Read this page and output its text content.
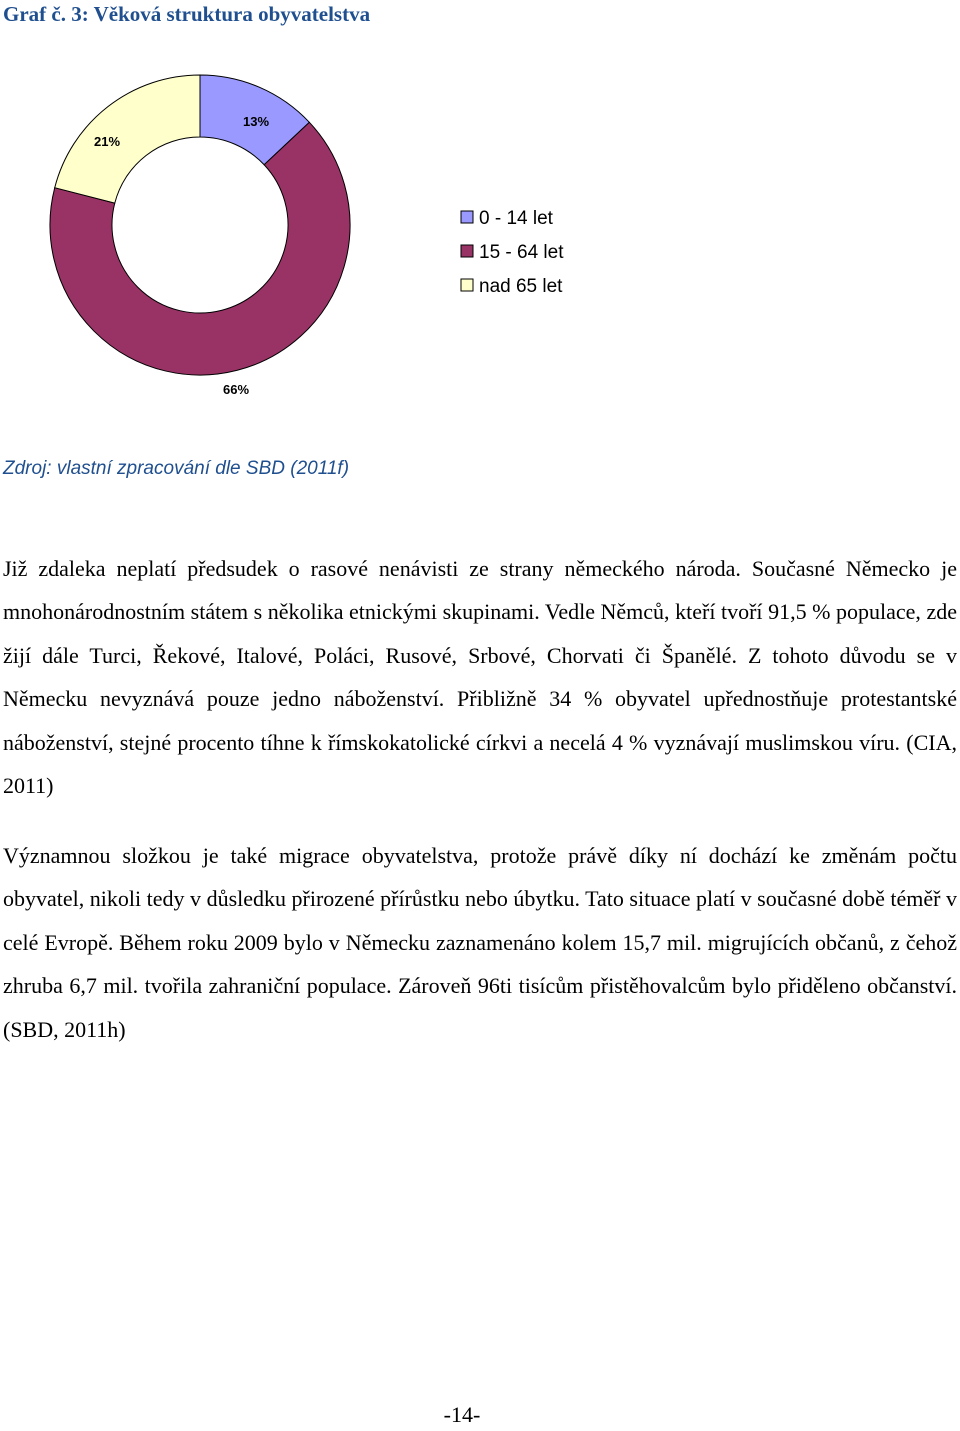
Graf č. 3: Věková struktura obyvatelstva
13%
66%
21%
0 - 14 let
15 - 64 let
nad 65 let
Zdroj: vlastní zpracování dle SBD (2011f)

Již zdaleka neplatí předsudek o rasové nenávisti ze strany německého národa. Současné Německo je mnohonárodnostním státem s několika etnickými skupinami. Vedle Němců, kteří tvoří 91,5 % populace, zde žijí dále Turci, Řekové, Italové, Poláci, Rusové, Srbové, Chorvati či Španělé. Z tohoto důvodu se v Německu nevyznává pouze jedno náboženství. Přibližně 34 % obyvatel upřednostňuje protestantské náboženství, stejné procento tíhne k římskokatolické církvi a necelá 4 % vyznávají muslimskou víru. (CIA, 2011)

Významnou složkou je také migrace obyvatelstva, protože právě díky ní dochází ke změnám počtu obyvatel, nikoli tedy v důsledku přirozené přírůstku nebo úbytku. Tato situace platí v současné době téměř v celé Evropě. Během roku 2009 bylo v Německu zaznamenáno kolem 15,7 mil. migrujících občanů, z čehož zhruba 6,7 mil. tvořila zahraniční populace. Zároveň 96ti tisícům přistěhovalcům bylo přiděleno občanství. (SBD, 2011h)

-14-
